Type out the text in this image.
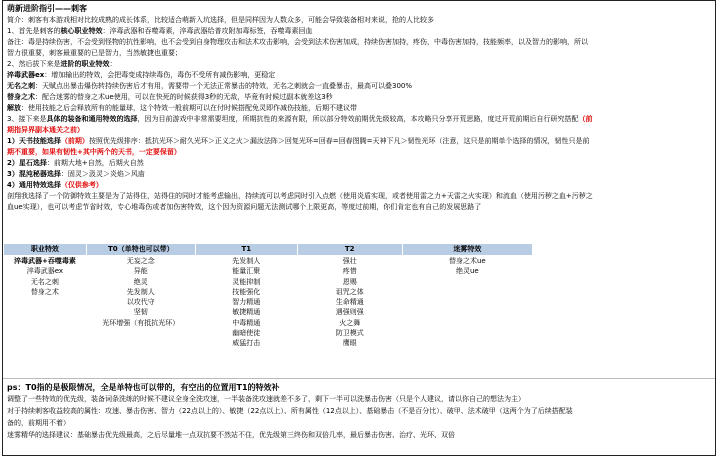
萌新进阶指引——刺客
简介：刺客有本游戏相对比较成熟的成长体系，比较适合萌新入坑选择，但是同样因为人数众多，可能会导致装备相对来说，抢的人比较多
1、首先是刺客的核心职业特效：淬毒武器和吞噬毒素，淬毒武器给普攻附加毒标签，吞噬毒素回血
备注：毒是持续伤害，不会受到怪物的抗性影响，也不会受到自身物理攻击和法术攻击影响，会受到法术伤害加成，持续伤害加持，疼伤，中毒伤害加持，技能频率，以及智力的影响，所以
智力很重要，刺客最重要的已是智力，当然敏捷也重要；
2、然后拔下来是进阶的职业特效：
淬毒武器ex：增加输出的特效，会把毒变成持续毒伤，毒伤不受所有减伤影响，更稳定
无名之刺：天赋点出暴击爆伤转持续伤害后才有用，需要带一个无法正常暴击的特效，无名之刺就会一直叠暴击，最高可以叠300%
替身之术：配合迷雾的替身之术ue使用，可以在快死的时候获得3秒的无敌，毕竟有时候过副本就差这3秒
解放：使用技能之后会释放所有的能量球，这个特效一般前期可以在付时候搭配免灵即作减伤技能，后期不建议带
3、接下来是具体的装备和通用特效的选择，因为目前游戏中非常需要坦度，所期抗性的来源有限，所以部分特效前期优先级较高，本攻略只分享开荒思路，度过开荒前期后自行研究搭配（前
期指异界副本通关之前）
1）天书技能选择（前期）按照优先级排序：抵抗光环＞耐久光环＞正义之火＞漏汝法阵＞回复光环=回春=回春图腾=天神下凡＞韧性光环（注意，这只是前期单个选择的情况，韧性只是前
期不重要，如果有韧性+其中两个的天书，一定要保留）
2）星石选择：前期大地+自然，后期火自然
3）混沌秘器选择：固灵＞汲灵＞炎焰＞风庙
4）通用特效选择（仅供参考）
剖翔我选择了一个防御特效主要是为了站得住，站得住的同时才能考虑输出，持续流可以考虑同时引入点燃（使用炎盾实现，或者使用雷之力+天雷之火实现）和流血（使用污秽之血+污秽之
血ue实现），也可以考虑节省时效，专心堆毒伤或者加伤害特效，这个因为资源问题无法测试哪个上限更高，等度过前期，你们肯定也有自己的发展思路了
职业特效	T0（单特也可以带）	T1	T2	迷雾特效
淬毒武器+吞噬毒素	无妄之念	先发制人	强壮	替身之术ue
淬毒武器ex	异能	能量汇聚	疼惜	绝灵ue
无名之刺	绝灵	灵能抑制	恩赐	
替身之术	先发制人	技能强化	诅咒之体	
	以攻代守	智力精通	生命精通	
	坚韧	敏捷精通	遇强则强	
	光环增强（有抵抗光环）	中毒精通	火之舞	
		幽暗使徒	防卫模式	
		威猛打击	鹰眼	
ps：T0指的是极限情况，全是单特也可以带的，有空出的位置用T1的特效补
调整了一些特效的优先级，装备词条洗练的时候不建议全身全洗攻速，一半装备洗攻速就差不多了，剩下一半可以洗暴击伤害（只是个人建议，请以你自己的想法为主）
对于持续刺客收益较高的属性：攻速、暴击伤害、智力（22点以上的）、敏捷（22点以上）、所有属性（12点以上）、基础暴击（不是百分比）、破甲、法术破甲（这两个为了后续搭配装
备的，前期用不着）
迷雾精华的选择建议：基础暴击优先级最高，之后尽量堆一点双抗要不然站不住，优先级第三终伤和双倍几率，最后暴击伤害、治疗、光环、双倍
